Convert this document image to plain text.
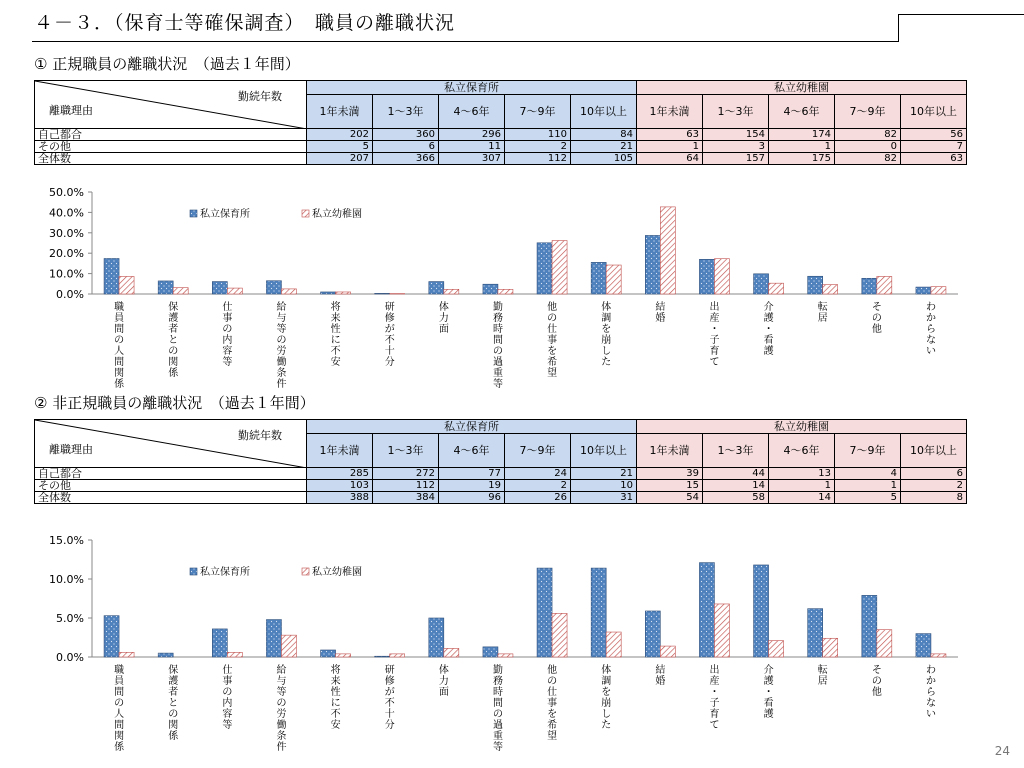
４－３．（保育士等確保調査）　職員の離職状況
① 正規職員の離職状況　（過去１年間）
勤続年数
離職理由	私立保育所					私立幼稚園				
	1年未満	1～3年	4～6年	7～9年	10年以上	1年未満	1～3年	4～6年	7～9年	10年以上
自己都合	202	360	296	110	84	63	154	174	82	56
その他	5	6	11	2	21	1	3	1	0	7
全体数	207	366	307	112	105	64	157	175	82	63
0.0%
10.0%
20.0%
30.0%
40.0%
50.0%
職員間の人間関係
保護者との関係
仕事の内容等
給与等の労働条件
将来性に不安
研修が不十分
体力面
勤務時間の過重等
他の仕事を希望
体調を崩した
結婚
出産・子育て
介護・看護
転居
その他
わからない
私立保育所	私立幼稚園
② 非正規職員の離職状況　（過去１年間）
勤続年数
離職理由	私立保育所					私立幼稚園				
	1年未満	1～3年	4～6年	7～9年	10年以上	1年未満	1～3年	4～6年	7～9年	10年以上
自己都合	285	272	77	24	21	39	44	13	4	6
その他	103	112	19	2	10	15	14	1	1	2
全体数	388	384	96	26	31	54	58	14	5	8
0.0%
5.0%
10.0%
15.0%
職員間の人間関係
保護者との関係
仕事の内容等
給与等の労働条件
将来性に不安
研修が不十分
体力面
勤務時間の過重等
他の仕事を希望
体調を崩した
結婚
出産・子育て
介護・看護
転居
その他
わからない
私立保育所	私立幼稚園
24
